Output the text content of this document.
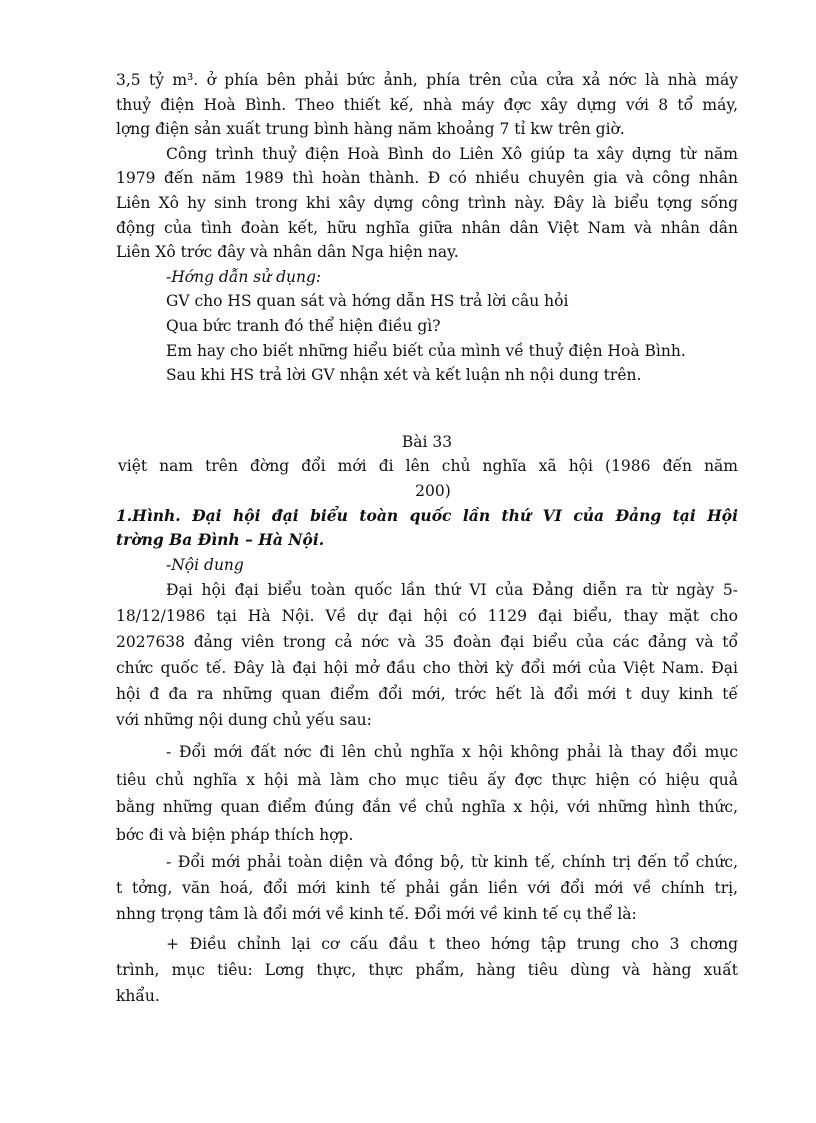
3,5 tỷ m³. ở phía bên phải bức ảnh, phía trên của cửa xả nớc là nhà máy

thuỷ điện Hoà Bình. Theo thiết kế, nhà máy đợc xây dựng với 8 tổ máy,

lợng điện sản xuất trung bình hàng năm khoảng 7 tỉ kw trên giờ.

Công trình thuỷ điện Hoà Bình do Liên Xô giúp ta xây dựng từ năm

1979 đến năm 1989 thì hoàn thành. Đ có nhiều chuyên gia và công nhân

Liên Xô hy sinh trong khi xây dựng công trình này. Đây là biểu tợng sống

động của tình đoàn kết, hữu nghĩa giữa nhân dân Việt Nam và nhân dân

Liên Xô trớc đây và nhân dân Nga hiện nay.

-Hớng dẫn sử dụng:

GV cho HS quan sát và hớng dẫn HS trả lời câu hỏi

Qua bức tranh đó thể hiện điều gì?

Em hay cho biết những hiểu biết của mình về thuỷ điện Hoà Bình.

Sau khi HS trả lời GV nhận xét và kết luận nh nội dung trên.

Bài 33

việt nam trên đờng đổi mới đi lên chủ nghĩa xã hội (1986 đến năm

200)

1.Hình. Đại hội đại biểu toàn quốc lần thứ VI của Đảng tại Hội

trờng Ba Đình – Hà Nội.

-Nội dung

Đại hội đại biểu toàn quốc lần thứ VI của Đảng diễn ra từ ngày 5-

18/12/1986 tại Hà Nội. Về dự đại hội có 1129 đại biểu, thay mặt cho

2027638 đảng viên trong cả nớc và 35 đoàn đại biểu của các đảng và tổ

chức quốc tế. Đây là đại hội mở đầu cho thời kỳ đổi mới của Việt Nam. Đại

hội đ đa ra những quan điểm đổi mới, trớc hết là đổi mới t duy kinh tế

với những nội dung chủ yếu sau:

- Đổi mới đất nớc đi lên chủ nghĩa x hội không phải là thay đổi mục

tiêu chủ nghĩa x hội mà làm cho mục tiêu ấy đợc thực hiện có hiệu quả

bằng những quan điểm đúng đắn về chủ nghĩa x hội, với những hình thức,

bớc đi và biện pháp thích hợp.

- Đổi mới phải toàn diện và đồng bộ, từ kinh tế, chính trị đến tổ chức,

t tởng, văn hoá, đổi mới kinh tế phải gắn liền với đổi mới về chính trị,

nhng trọng tâm là đổi mới về kinh tế. Đổi mới về kinh tế cụ thể là:

+ Điều chỉnh lại cơ cấu đầu t theo hớng tập trung cho 3 chơng

trình, mục tiêu: Lơng thực, thực phẩm, hàng tiêu dùng và hàng xuất

khẩu.
